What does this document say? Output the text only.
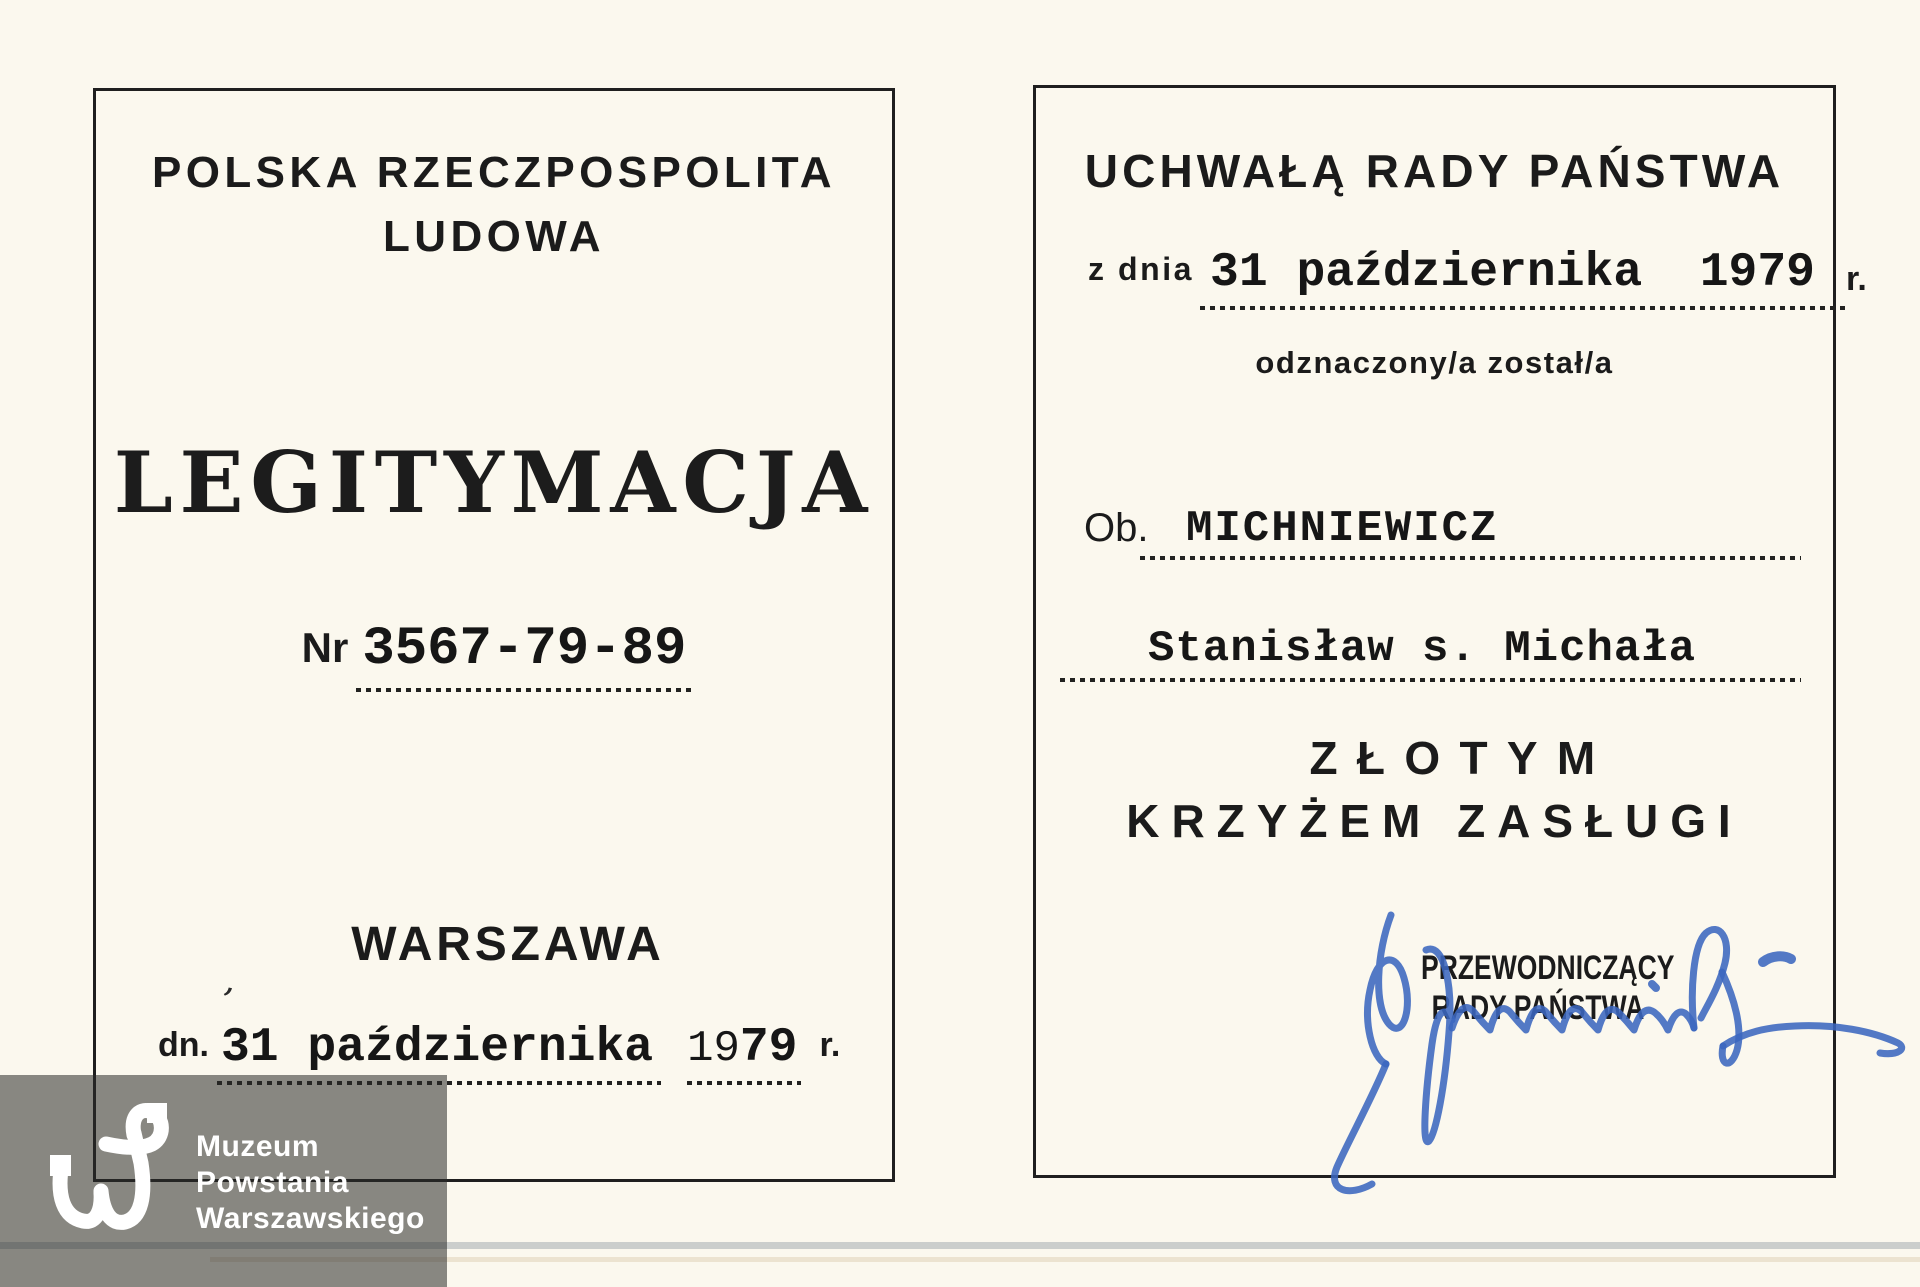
POLSKA RZECZPOSPOLITA
LUDOWA
LEGITYMACJA
Nr 3567-79-89
WARSZAWA
dn. 31 października 1979 r.
,
UCHWAŁĄ RADY PAŃSTWA
z dnia 31 października  1979 r.
odznaczony/a został/a
Ob. MICHNIEWICZ
Stanisław s. Michała
ZŁOTYM
KRZYŻEM ZASŁUGI
PRZEWODNICZĄCY
RADY PAŃSTWA
Muzeum
Powstania
Warszawskiego
